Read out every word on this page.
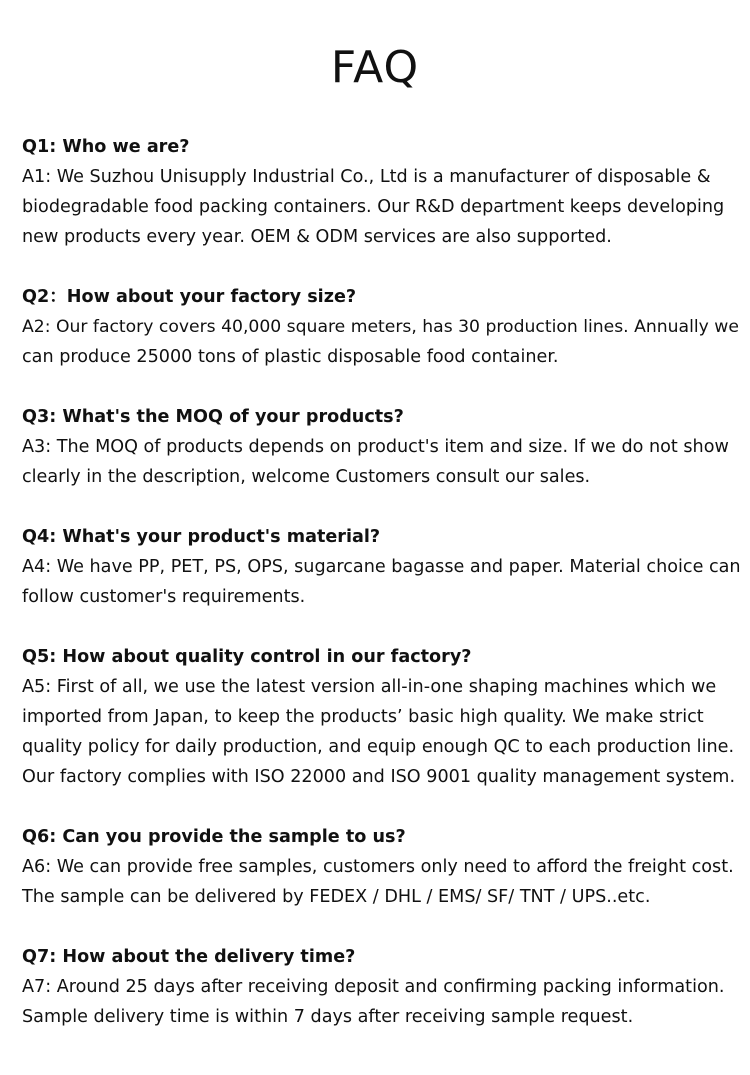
FAQ
Q1: Who we are?
A1: We Suzhou Unisupply Industrial Co., Ltd is a manufacturer of disposable &
biodegradable food packing containers. Our R&D department keeps developing
new products every year. OEM & ODM services are also supported.
Q2：How about your factory size?
A2: Our factory covers 40,000 square meters, has 30 production lines. Annually we
can produce 25000 tons of plastic disposable food container.
Q3: What's the MOQ of your products?
A3: The MOQ of products depends on product's item and size. If we do not show
clearly in the description, welcome Customers consult our sales.
Q4: What's your product's material?
A4: We have PP, PET, PS, OPS, sugarcane bagasse and paper. Material choice can
follow customer's requirements.
Q5: How about quality control in our factory?
A5: First of all, we use the latest version all-in-one shaping machines which we
imported from Japan, to keep the products’ basic high quality. We make strict
quality policy for daily production, and equip enough QC to each production line.
Our factory complies with ISO 22000 and ISO 9001 quality management system.
Q6: Can you provide the sample to us?
A6: We can provide free samples, customers only need to afford the freight cost.
The sample can be delivered by FEDEX / DHL / EMS/ SF/ TNT / UPS..etc.
Q7: How about the delivery time?
A7: Around 25 days after receiving deposit and confirming packing information.
Sample delivery time is within 7 days after receiving sample request.
